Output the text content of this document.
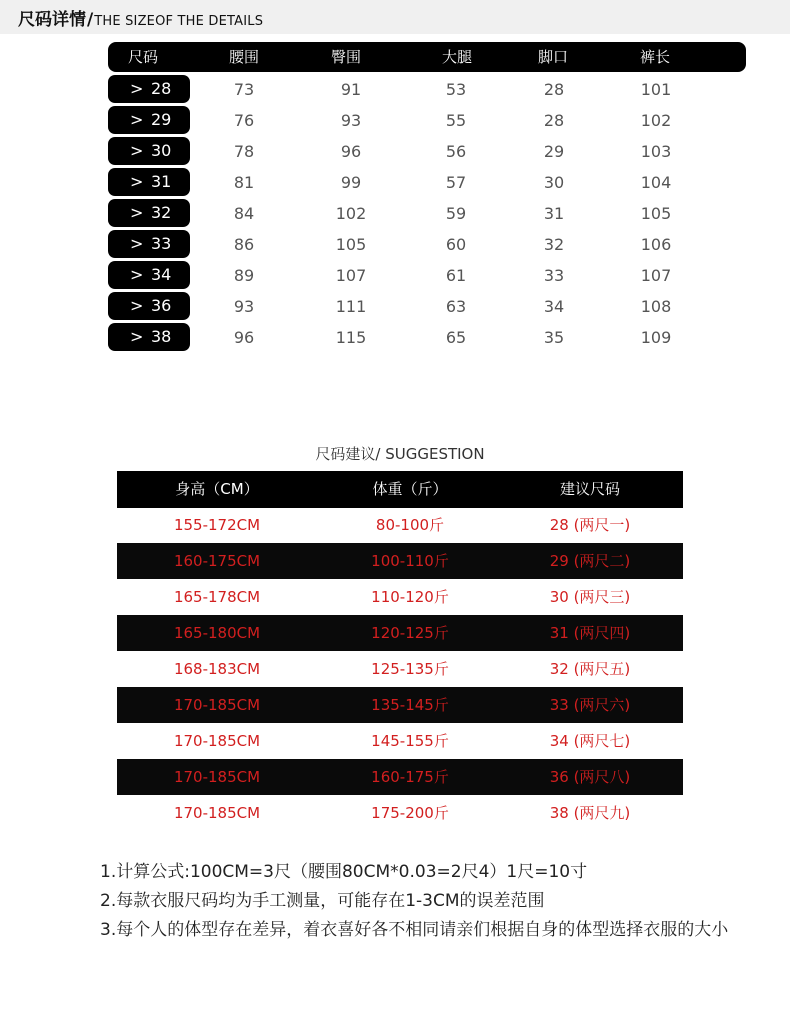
尺码详情/THE SIZEOF THE DETAILS
尺码	腰围	臀围	大腿	脚口	裤长
> 28	73	91	53	28	101
> 29	76	93	55	28	102
> 30	78	96	56	29	103
> 31	81	99	57	30	104
> 32	84	102	59	31	105
> 33	86	105	60	32	106
> 34	89	107	61	33	107
> 36	93	111	63	34	108
> 38	96	115	65	35	109
尺码建议/ SUGGESTION
身高（CM）	体重（斤）	建议尺码
155-172CM	80-100斤	28 (两尺一)
160-175CM	100-110斤	29 (两尺二)
165-178CM	110-120斤	30 (两尺三)
165-180CM	120-125斤	31 (两尺四)
168-183CM	125-135斤	32 (两尺五)
170-185CM	135-145斤	33 (两尺六)
170-185CM	145-155斤	34 (两尺七)
170-185CM	160-175斤	36 (两尺八)
170-185CM	175-200斤	38 (两尺九)
1.计算公式:100CM=3尺（腰围80CM*0.03=2尺4）1尺=10寸
2.每款衣服尺码均为手工测量，可能存在1-3CM的误差范围
3.每个人的体型存在差异，着衣喜好各不相同请亲们根据自身的体型选择衣服的大小
